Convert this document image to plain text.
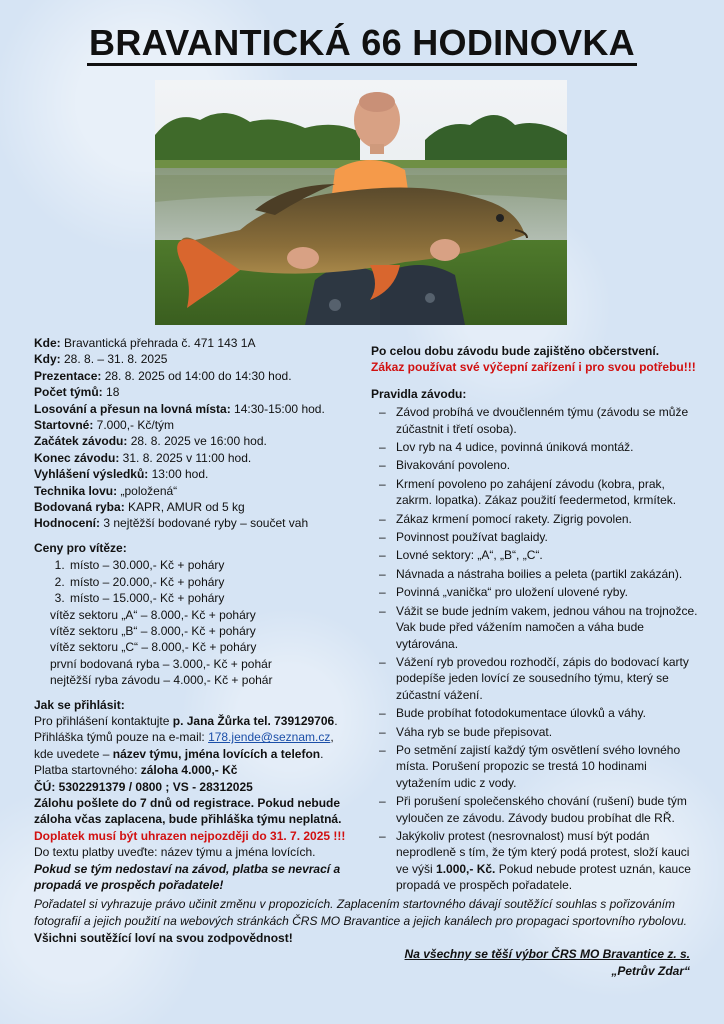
BRAVANTICKÁ 66 HODINOVKA

Kde: Bravantická přehrada č. 471 143 1A

Kdy: 28. 8. – 31. 8. 2025

Prezentace: 28. 8. 2025 od 14:00 do 14:30 hod.

Počet týmů: 18

Losování a přesun na lovná místa: 14:30-15:00 hod.

Startovné: 7.000,- Kč/tým

Začátek závodu: 28. 8. 2025 ve 16:00 hod.

Konec závodu: 31. 8. 2025 v 11:00 hod.

Vyhlášení výsledků: 13:00 hod.

Technika lovu: „položená“

Bodovaná ryba: KAPR, AMUR od 5 kg

Hodnocení: 3 nejtěžší bodované ryby – součet vah

Ceny pro vítěze:
1. místo – 30.000,- Kč + poháry
2. místo – 20.000,- Kč + poháry
3. místo – 15.000,- Kč + poháry
vítěz sektoru „A“ – 8.000,- Kč + poháry
vítěz sektoru „B“ – 8.000,- Kč + poháry
vítěz sektoru „C“ – 8.000,- Kč + poháry
první bodovaná ryba – 3.000,- Kč + pohár
nejtěžší ryba závodu – 4.000,- Kč + pohár
Jak se přihlásit:
Pro přihlášení kontaktujte p. Jana Žůrka tel. 739129706.
Přihláška týmů pouze na e-mail: 178.jende@seznam.cz,
kde uvedete – název týmu, jména lovících a telefon.
Platba startovného: záloha 4.000,- Kč
ČÚ: 5302291379 / 0800 ; VS - 28312025
Zálohu pošlete do 7 dnů od registrace. Pokud nebude záloha včas zaplacena, bude přihláška týmu neplatná.
Doplatek musí být uhrazen nejpozději do 31. 7. 2025 !!!
Do textu platby uveďte: název týmu a jména lovících.
Pokud se tým nedostaví na závod, platba se nevrací a propadá ve prospěch pořadatele!
Po celou dobu závodu bude zajištěno občerstvení.
Zákaz používat své výčepní zařízení i pro svou potřebu!!!
Pravidla závodu:
– Závod probíhá ve dvoučlenném týmu (závodu se může zúčastnit i třetí osoba).
– Lov ryb na 4 udice, povinná úniková montáž.
– Bivakování povoleno.
– Krmení povoleno po zahájení závodu (kobra, prak, zakrm. lopatka). Zákaz použití feedermetod, krmítek.
– Zákaz krmení pomocí rakety. Zigrig povolen.
– Povinnost používat baglaidy.
– Lovné sektory: „A“, „B“, „C“.
– Návnada a nástraha boilies a peleta (partikl zakázán).
– Povinná „vanička“ pro uložení ulovené ryby.
– Vážit se bude jedním vakem, jednou váhou na trojnožce. Vak bude před vážením namočen a váha bude vytárována.
– Vážení ryb provedou rozhodčí, zápis do bodovací karty podepíše jeden lovící ze sousedního týmu, který se zúčastní vážení.
– Bude probíhat fotodokumentace úlovků a váhy.
– Váha ryb se bude přepisovat.
– Po setmění zajistí každý tým osvětlení svého lovného místa. Porušení propozic se trestá 10 hodinami vytažením udic z vody.
– Při porušení společenského chování (rušení) bude tým vyloučen ze závodu. Závody budou probíhat dle RŘ.
– Jakýkoliv protest (nesrovnalost) musí být podán neprodleně s tím, že tým který podá protest, složí kauci ve výši 1.000,- Kč. Pokud nebude protest uznán, kauce propadá ve prospěch pořadatele.
Pořadatel si vyhrazuje právo učinit změnu v propozicích. Zaplacením startovného dávají soutěžící souhlas s pořizováním fotografií a jejich použití na webových stránkách ČRS MO Bravantice a jejich kanálech pro propagaci sportovního rybolovu.
Všichni soutěžící loví na svou zodpovědnost!
Na všechny se těší výbor ČRS MO Bravantice z. s.
„Petrův Zdar“
